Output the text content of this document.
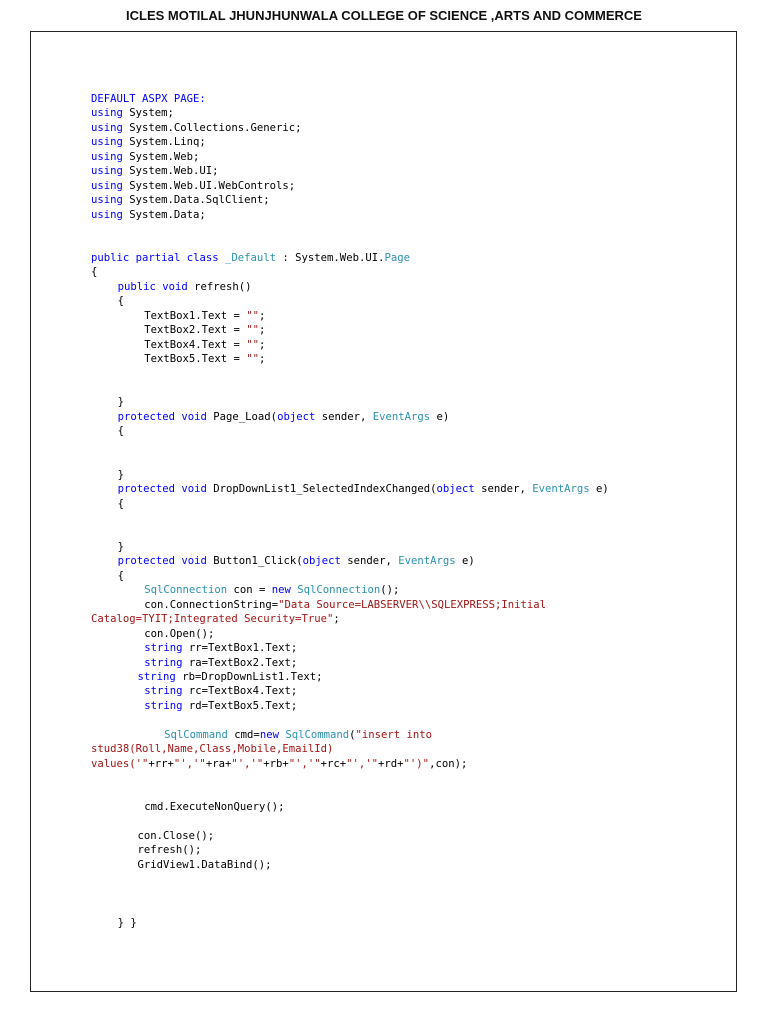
ICLES MOTILAL JHUNJHUNWALA COLLEGE OF SCIENCE ,ARTS AND COMMERCE
DEFAULT ASPX PAGE:
using System;
using System.Collections.Generic;
using System.Linq;
using System.Web;
using System.Web.UI;
using System.Web.UI.WebControls;
using System.Data.SqlClient;
using System.Data;
public partial class _Default : System.Web.UI.Page
{
public void refresh()
{
TextBox1.Text = "";
TextBox2.Text = "";
TextBox4.Text = "";
TextBox5.Text = "";
}
protected void Page_Load(object sender, EventArgs e)
{
}
protected void DropDownList1_SelectedIndexChanged(object sender, EventArgs e)
{
}
protected void Button1_Click(object sender, EventArgs e)
{
SqlConnection con = new SqlConnection();
con.ConnectionString="Data Source=LABSERVER\\SQLEXPRESS;Initial
Catalog=TYIT;Integrated Security=True";
con.Open();
string rr=TextBox1.Text;
string ra=TextBox2.Text;
string rb=DropDownList1.Text;
string rc=TextBox4.Text;
string rd=TextBox5.Text;
SqlCommand cmd=new SqlCommand("insert into
stud38(Roll,Name,Class,Mobile,EmailId)
values('"+rr+"','"+ra+"','"+rb+"','"+rc+"','"+rd+"')",con);
cmd.ExecuteNonQuery();
con.Close();
refresh();
GridView1.DataBind();
} }
